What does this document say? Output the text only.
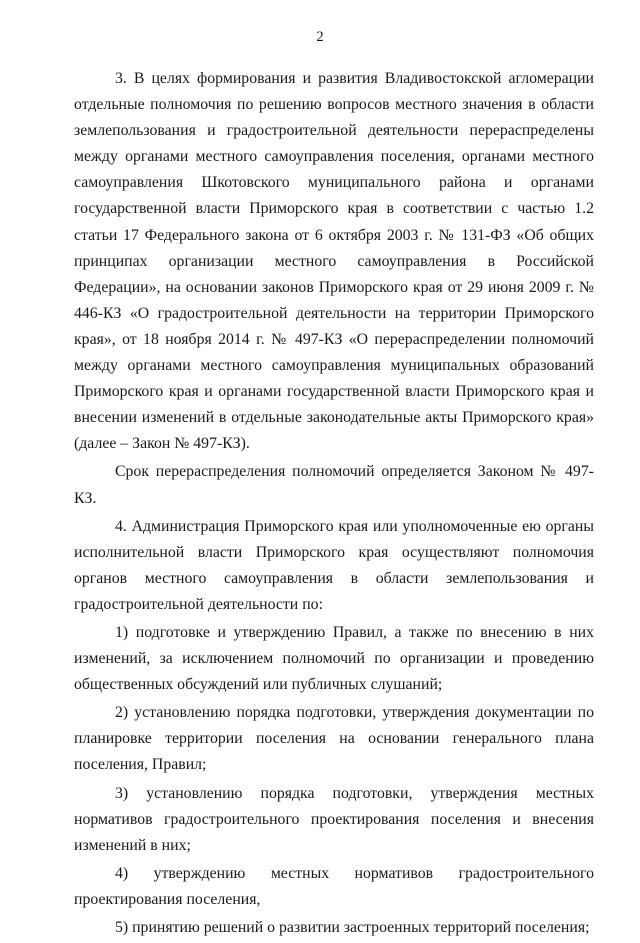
2

3. В целях формирования и развития Владивостокской агломерации отдельные полномочия по решению вопросов местного значения в области землепользования и градостроительной деятельности перераспределены между органами местного самоуправления поселения, органами местного самоуправления Шкотовского муниципального района и органами государственной власти Приморского края в соответствии с частью 1.2 статьи 17 Федерального закона от 6 октября 2003 г. № 131-ФЗ «Об общих принципах организации местного самоуправления в Российской Федерации», на основании законов Приморского края от 29 июня 2009 г. № 446-КЗ «О градостроительной деятельности на территории Приморского края», от 18 ноября 2014 г. № 497-КЗ «О перераспределении полномочий между органами местного самоуправления муниципальных образований Приморского края и органами государственной власти Приморского края и внесении изменений в отдельные законодательные акты Приморского края» (далее – Закон № 497-КЗ).

Срок перераспределения полномочий определяется Законом № 497-КЗ.

4. Администрация Приморского края или уполномоченные ею органы исполнительной власти Приморского края осуществляют полномочия органов местного самоуправления в области землепользования и градостроительной деятельности по:

1) подготовке и утверждению Правил, а также по внесению в них изменений, за исключением полномочий по организации и проведению общественных обсуждений или публичных слушаний;

2) установлению порядка подготовки, утверждения документации по планировке территории поселения на основании генерального плана поселения, Правил;

3) установлению порядка подготовки, утверждения местных нормативов градостроительного проектирования поселения и внесения изменений в них;

4) утверждению местных нормативов градостроительного проектирования поселения,

5) принятию решений о развитии застроенных территорий поселения;
